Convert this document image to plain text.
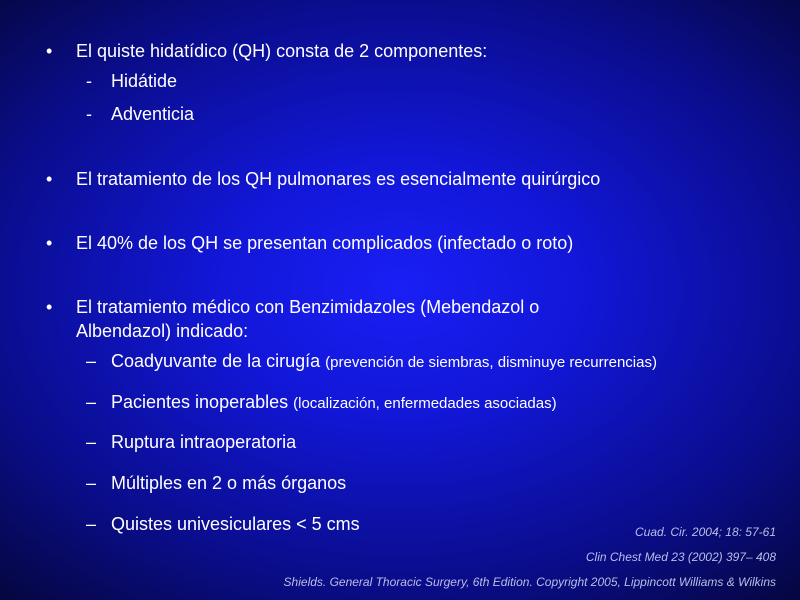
• El quiste hidatídico (QH) consta de 2 componentes:
- Hidátide
- Adventicia
• El tratamiento de los QH pulmonares es esencialmente quirúrgico
• El 40% de los QH se presentan complicados (infectado o roto)
• El tratamiento médico con Benzimidazoles (Mebendazol o
Albendazol) indicado:
– Coadyuvante de la cirugía (prevención de siembras, disminuye recurrencias)
– Pacientes inoperables (localización, enfermedades asociadas)
– Ruptura intraoperatoria
– Múltiples en 2 o más órganos
– Quistes univesiculares < 5 cms	Cuad. Cir. 2004; 18: 57-61
Clin Chest Med 23 (2002) 397– 408
Shields. General Thoracic Surgery, 6th Edition. Copyright 2005, Lippincott Williams & Wilkins
